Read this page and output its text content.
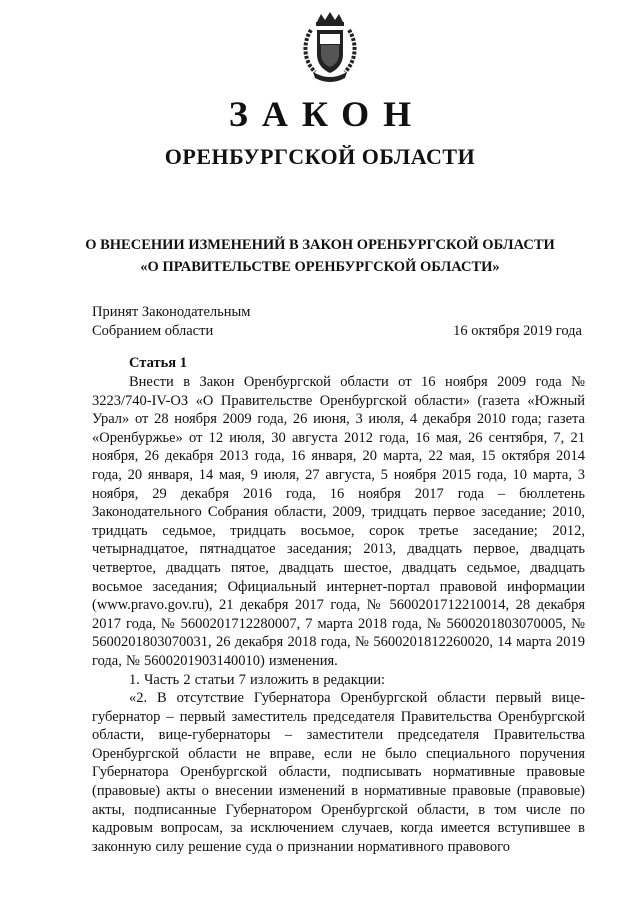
ЗАКОН
ОРЕНБУРГСКОЙ ОБЛАСТИ
О ВНЕСЕНИИ ИЗМЕНЕНИЙ В ЗАКОН ОРЕНБУРГСКОЙ ОБЛАСТИ
«О ПРАВИТЕЛЬСТВЕ ОРЕНБУРГСКОЙ ОБЛАСТИ»
Принят Законодательным
Собранием области	16 октября 2019 года
Статья 1

Внести в Закон Оренбургской области от 16 ноября 2009 года № 3223/740-IV-ОЗ «О Правительстве Оренбургской области» (газета «Южный Урал» от 28 ноября 2009 года, 26 июня, 3 июля, 4 декабря 2010 года; газета «Оренбуржье» от 12 июля, 30 августа 2012 года, 16 мая, 26 сентября, 7, 21 ноября, 26 декабря 2013 года, 16 января, 20 марта, 22 мая, 15 октября 2014 года, 20 января, 14 мая, 9 июля, 27 августа, 5 ноября 2015 года, 10 марта, 3 ноября, 29 декабря 2016 года, 16 ноября 2017 года – бюллетень Законодательного Собрания области, 2009, тридцать первое заседание; 2010, тридцать седьмое, тридцать восьмое, сорок третье заседание; 2012, четырнадцатое, пятнадцатое заседания; 2013, двадцать первое, двадцать четвертое, двадцать пятое, двадцать шестое, двадцать седьмое, двадцать восьмое заседания; Официальный интернет-портал правовой информации (www.pravo.gov.ru), 21 декабря 2017 года, № 5600201712210014, 28 декабря 2017 года, № 5600201712280007, 7 марта 2018 года, № 5600201803070005, № 5600201803070031, 26 декабря 2018 года, № 5600201812260020, 14 марта 2019 года, № 5600201903140010) изменения.

1. Часть 2 статьи 7 изложить в редакции:

«2. В отсутствие Губернатора Оренбургской области первый вице-губернатор – первый заместитель председателя Правительства Оренбургской области, вице-губернаторы – заместители председателя Правительства Оренбургской области не вправе, если не было специального поручения Губернатора Оренбургской области, подписывать нормативные правовые (правовые) акты о внесении изменений в нормативные правовые (правовые) акты, подписанные Губернатором Оренбургской области, в том числе по кадровым вопросам, за исключением случаев, когда имеется вступившее в законную силу решение суда о признании нормативного правового
